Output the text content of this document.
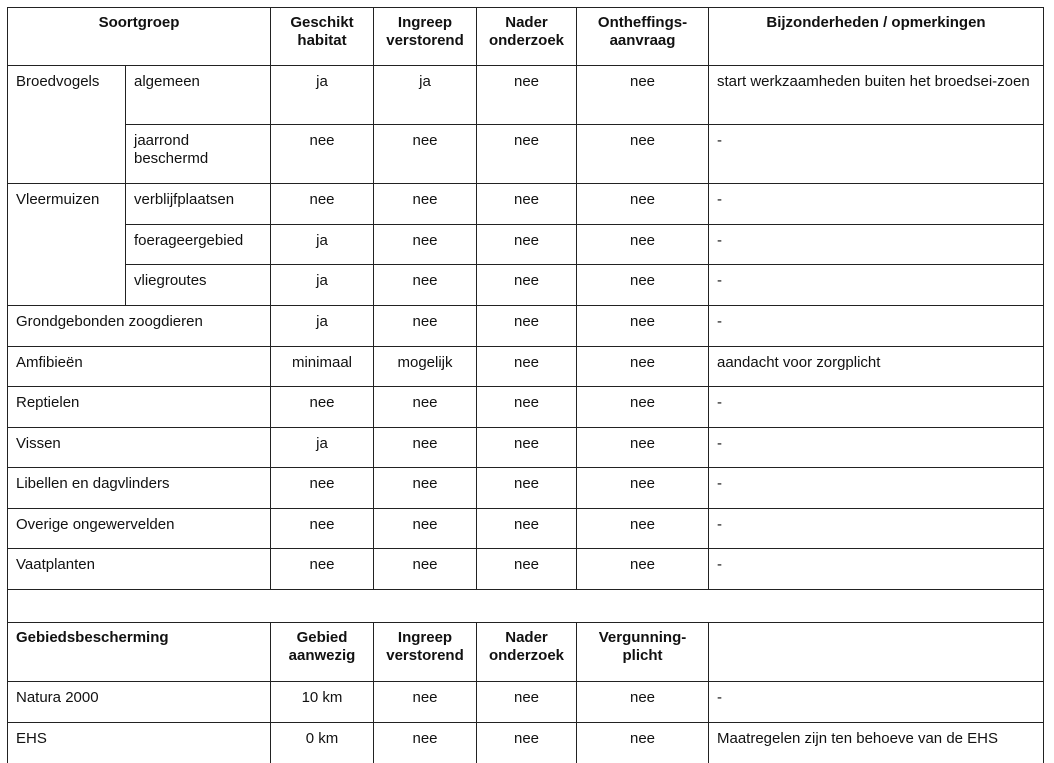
Soortgroep		Geschikt habitat	Ingreep verstorend	Nader onderzoek	Ontheffings-aanvraag	Bijzonderheden / opmerkingen
Broedvogels	algemeen	ja	ja	nee	nee	start werkzaamheden buiten het broedsei-zoen
	jaarrond beschermd	nee	nee	nee	nee	-
Vleermuizen	verblijfplaatsen	nee	nee	nee	nee	-
	foerageergebied	ja	nee	nee	nee	-
	vliegroutes	ja	nee	nee	nee	-
Grondgebonden zoogdieren		ja	nee	nee	nee	-
Amfibieën		minimaal	mogelijk	nee	nee	aandacht voor zorgplicht
Reptielen		nee	nee	nee	nee	-
Vissen		ja	nee	nee	nee	-
Libellen en dagvlinders		nee	nee	nee	nee	-
Overige ongewervelden		nee	nee	nee	nee	-
Vaatplanten		nee	nee	nee	nee	-

Gebiedsbescherming		Gebied aanwezig	Ingreep verstorend	Nader onderzoek	Vergunning-plicht	
Natura 2000		10 km	nee	nee	nee	-
EHS		0 km	nee	nee	nee	Maatregelen zijn ten behoeve van de EHS
